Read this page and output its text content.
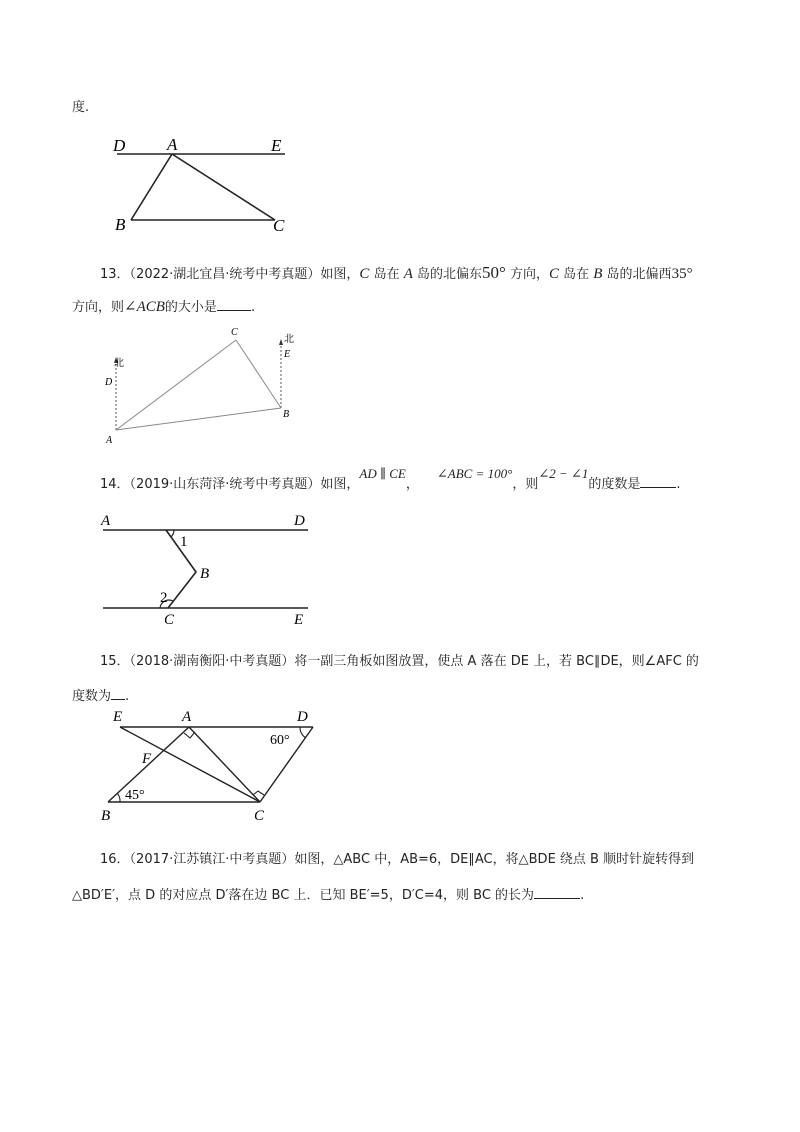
度.
D A	E
B	C
13．（2022·湖北宜昌·统考中考真题）如图，C 岛在 A 岛的北偏东50° 方向，C 岛在 B 岛的北偏西35°
方向，则∠ACB的大小是	.
北
北
C
D
E
B
A
14．（2019·山东菏泽·统考中考真题）如图，AD ∥ CE，∠ABC = 100°，则∠2 − ∠1的度数是	.
A	D
1
B
2
C	E
15．（2018·湖南衡阳·中考真题）将一副三角板如图放置，使点 A 落在 DE 上，若 BC∥DE，则∠AFC 的
度数为 .
E	A	D
F
60°
45°
B	C
16．（2017·江苏镇江·中考真题）如图，△ABC 中，AB=6，DE∥AC，将△BDE 绕点 B 顺时针旋转得到
△BD′E′，点 D 的对应点 D′落在边 BC 上．已知 BE′=5，D′C=4，则 BC 的长为	.
